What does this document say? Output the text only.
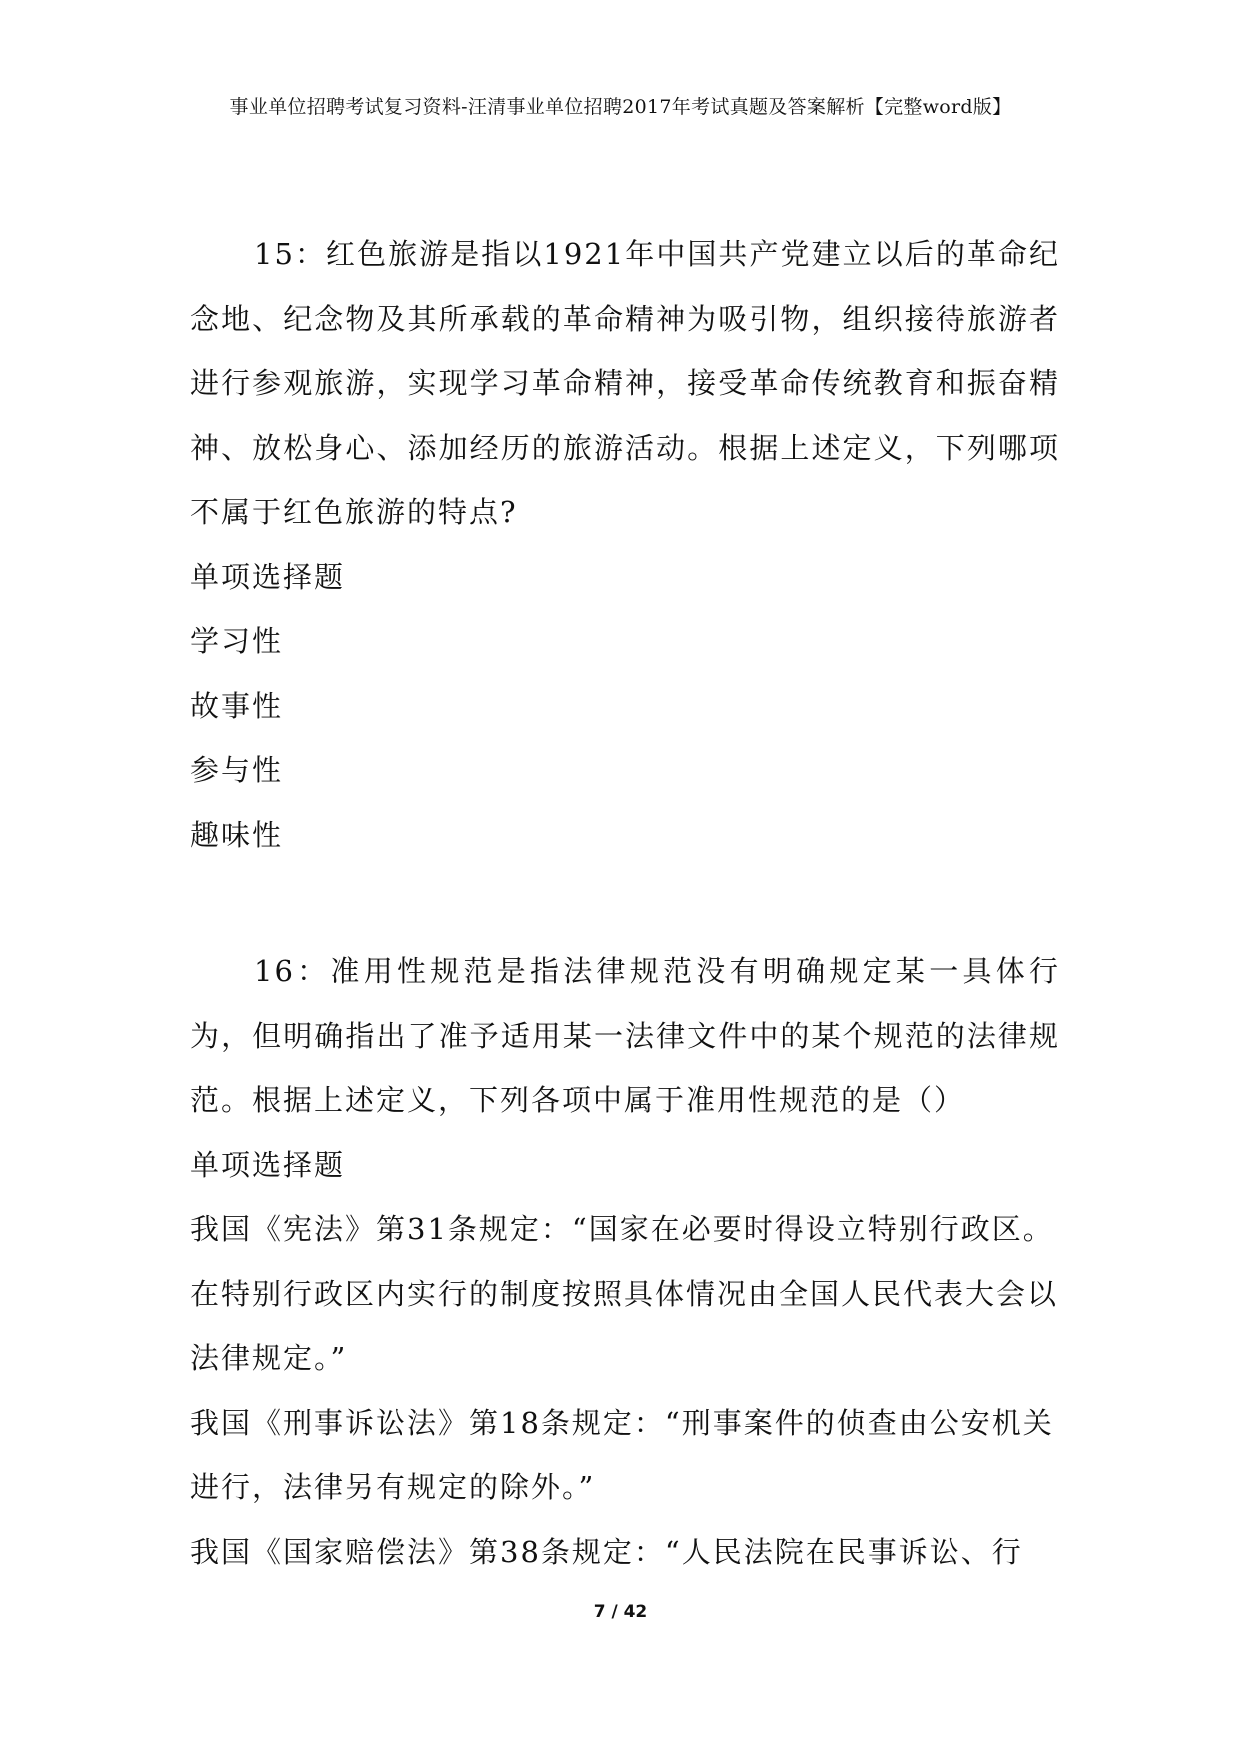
事业单位招聘考试复习资料-汪清事业单位招聘2017年考试真题及答案解析【完整word版】

15：红色旅游是指以1921年中国共产党建立以后的革命纪念地、纪念物及其所承载的革命精神为吸引物，组织接待旅游者进行参观旅游，实现学习革命精神，接受革命传统教育和振奋精神、放松身心、添加经历的旅游活动。根据上述定义，下列哪项不属于红色旅游的特点?

单项选择题

学习性

故事性

参与性

趣味性

16：准用性规范是指法律规范没有明确规定某一具体行为，但明确指出了准予适用某一法律文件中的某个规范的法律规范。根据上述定义，下列各项中属于准用性规范的是（）

单项选择题

我国《宪法》第31条规定：“国家在必要时得设立特别行政区。在特别行政区内实行的制度按照具体情况由全国人民代表大会以法律规定。”

我国《刑事诉讼法》第18条规定：“刑事案件的侦查由公安机关进行，法律另有规定的除外。”

我国《国家赔偿法》第38条规定：“人民法院在民事诉讼、行

7 / 42
